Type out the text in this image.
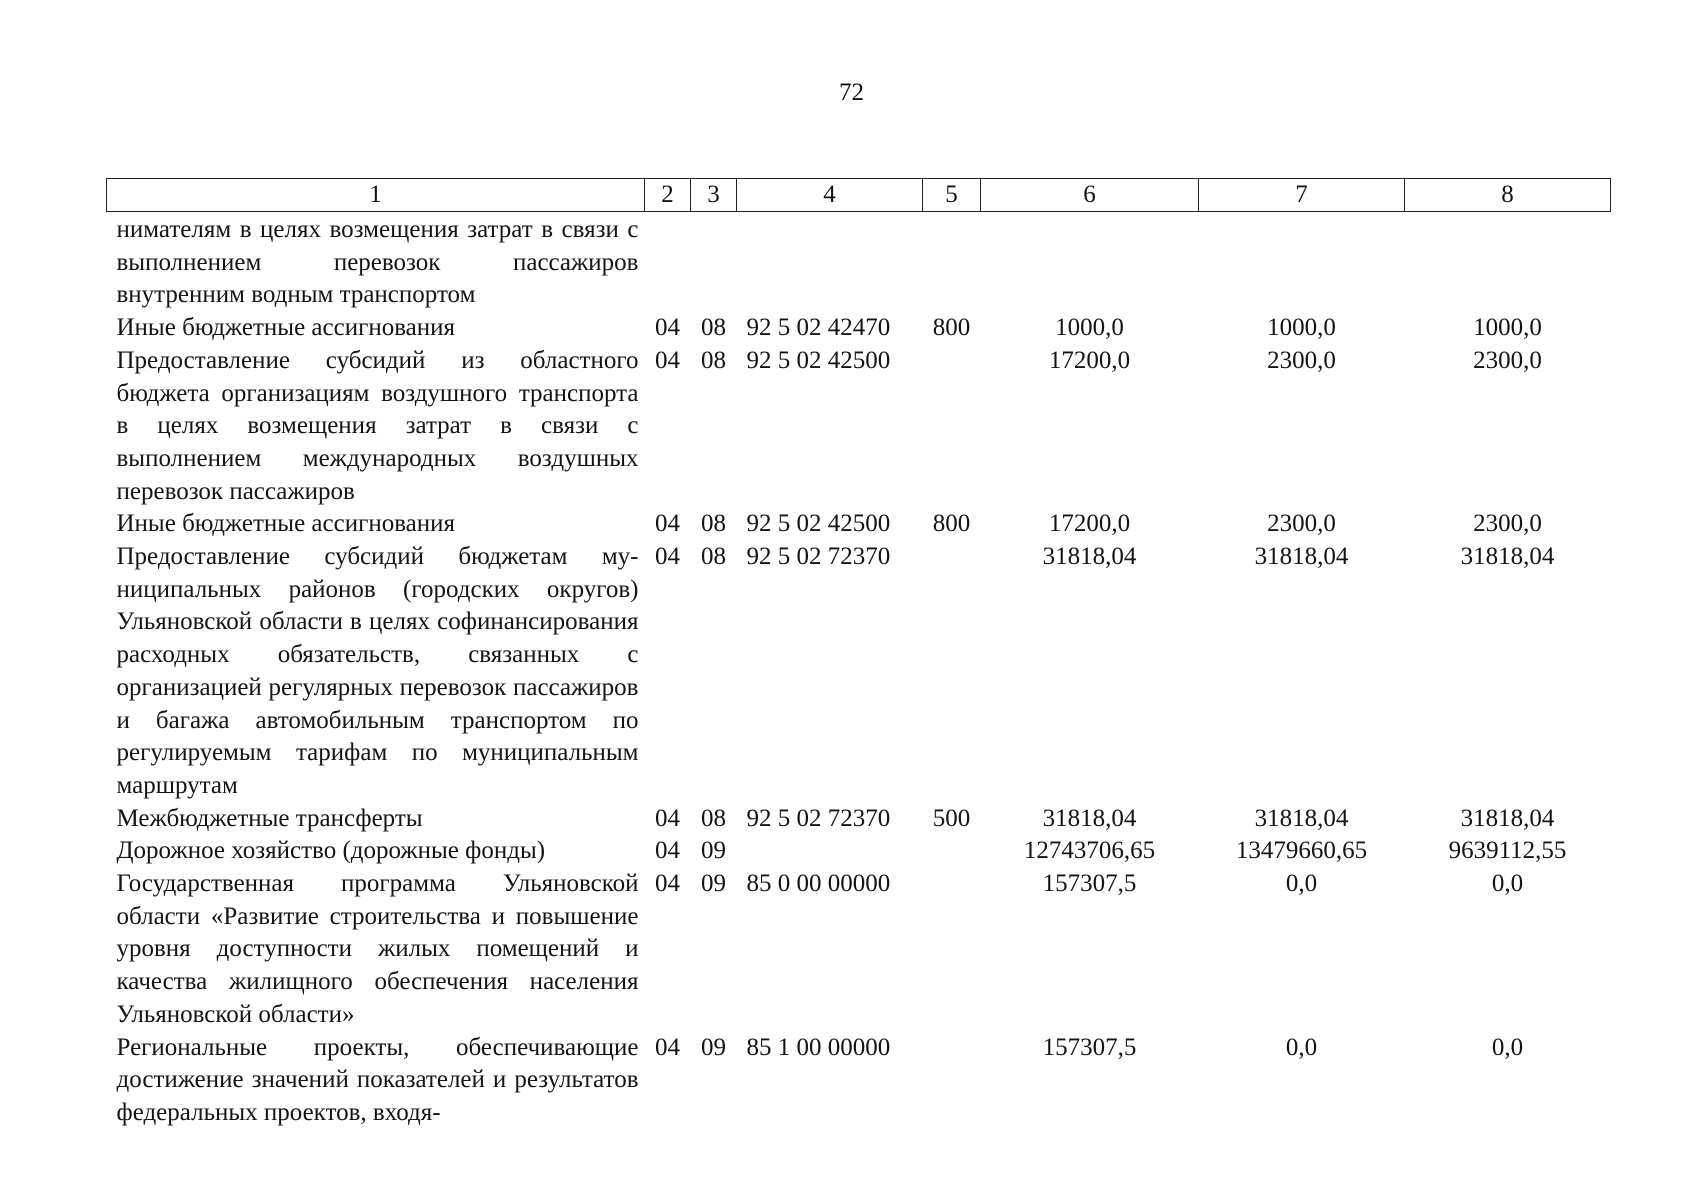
72
1	2	3	4	5	6	7	8
нимателям в целях возмещения затрат в связи с выполнением перевозок пассажиров внутренним водным транспортом							
Иные бюджетные ассигнования	04	08	92 5 02 42470	800	1000,0	1000,0	1000,0
Предоставление субсидий из областного бюджета организациям воздушного транспорта в целях возмещения затрат в связи с выполнением международных воздушных перевозок пассажиров	04	08	92 5 02 42500		17200,0	2300,0	2300,0
Иные бюджетные ассигнования	04	08	92 5 02 42500	800	17200,0	2300,0	2300,0
Предоставление субсидий бюджетам муниципальных районов (городских округов) Ульяновской области в целях софинансирования расходных обязательств, связанных с организацией регулярных перевозок пассажиров и багажа автомобильным транспортом по регулируемым тарифам по муниципальным маршрутам	04	08	92 5 02 72370		31818,04	31818,04	31818,04
Межбюджетные трансферты	04	08	92 5 02 72370	500	31818,04	31818,04	31818,04
Дорожное хозяйство (дорожные фонды)	04	09			12743706,65	13479660,65	9639112,55
Государственная программа Ульяновской области «Развитие строительства и повышение уровня доступности жилых помещений и качества жилищного обеспечения населения Ульяновской области»	04	09	85 0 00 00000		157307,5	0,0	0,0
Региональные проекты, обеспечивающие достижение значений показателей и результатов федеральных проектов, входя-	04	09	85 1 00 00000		157307,5	0,0	0,0
